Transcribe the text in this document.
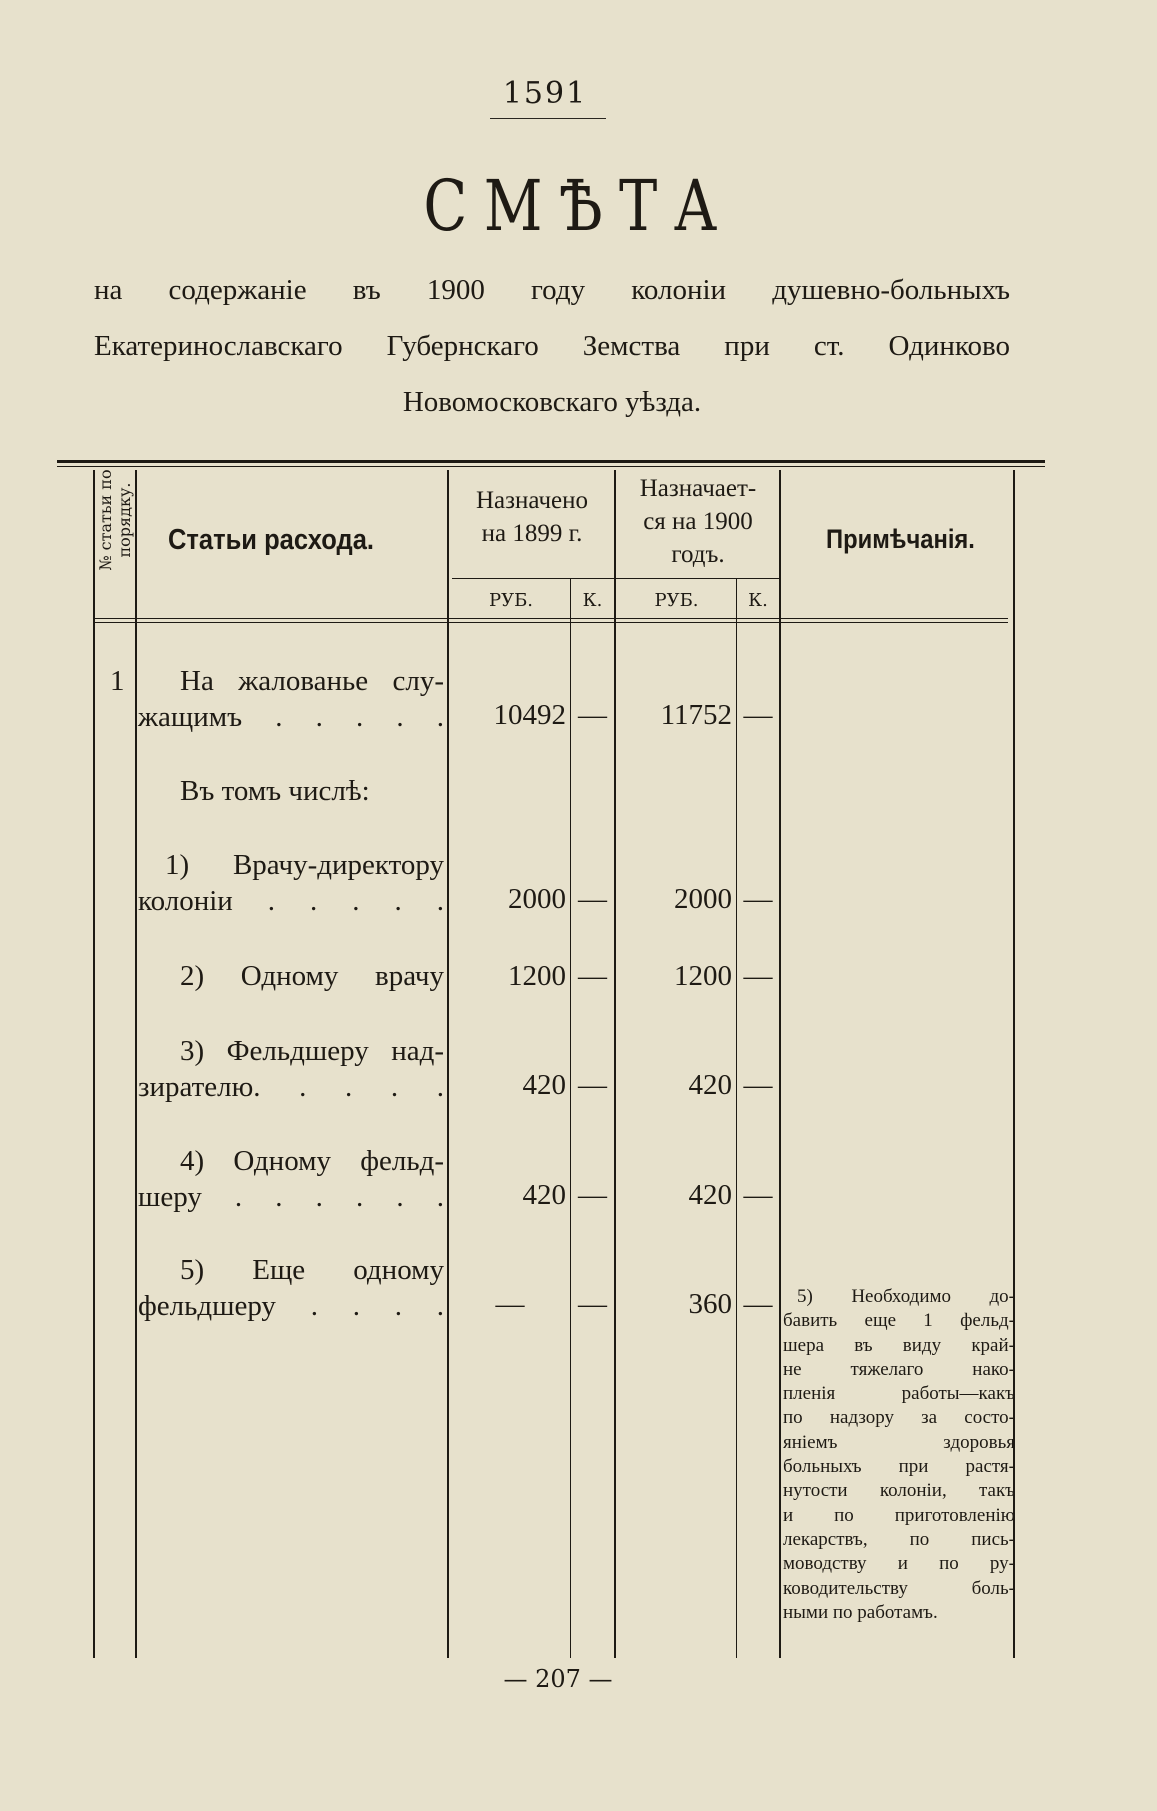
1591
СМѢТА
на содержаніе въ 1900 году колоніи душевно-больныхъ
Екатеринославскаго Губернскаго Земства при ст. Одинково
Новомосковскаго уѣзда.
№ статьи по порядку. Статьи расхода.
Назначено
на 1899 г.
Назначает-
ся на 1900
годъ.
Примѣчанія.
РУБ.	К.	РУБ.	К.
1 На жалованье слу-
жащимъ . . . . .	10492 —	11752 —
Въ томъ числѣ:
1) Врачу-директору
колоніи . . . . .	2000 —	2000 —
2) Одному врачу	1200 —	1200 —
3) Фельдшеру над-
зирателю. . . . .	420 —	420 —
4) Одному фельд-
шеру . . . . . .	420 —	420 —
5) Еще одному
фельдшеру . . . .	—	—	360 —	5) Необходимо до-
бавить еще 1 фельд-
шера въ виду край-
не тяжелаго нако-
пленія работы—какъ
по надзору за состо-
яніемъ здоровья
больныхъ при растя-
нутости колоніи, такъ
и по приготовленію
лекарствъ, по пись-
моводству и по ру-
ководительству боль-
ными по работамъ.
— 207 —
